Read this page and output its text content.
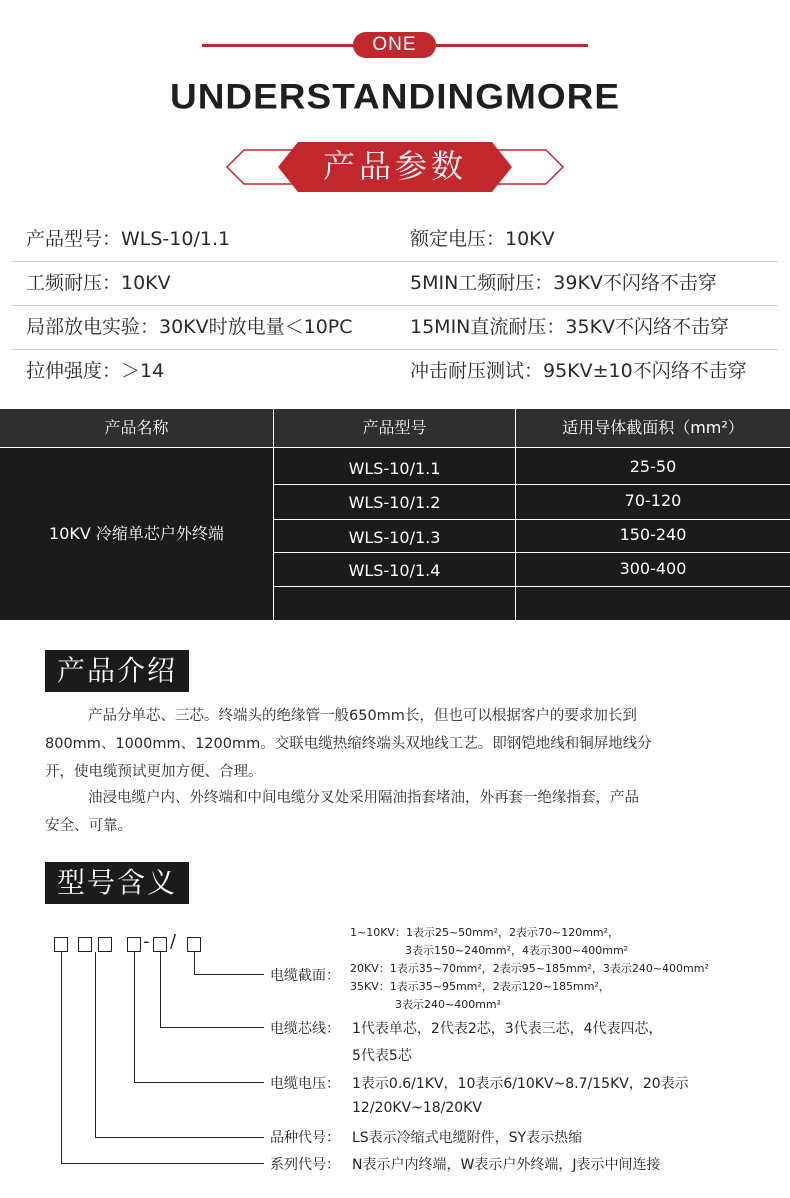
ONE
UNDERSTANDINGMORE
产品参数
产品型号：WLS-10/1.1	额定电压：10KV
工频耐压：10KV	5MIN工频耐压：39KV不闪络不击穿
局部放电实验：30KV时放电量＜10PC	15MIN直流耐压：35KV不闪络不击穿
拉伸强度：＞14	冲击耐压测试：95KV±10不闪络不击穿
产品名称	产品型号	适用导体截面积（mm²）
10KV 冷缩单芯户外终端
WLS-10/1.1	25-50
WLS-10/1.2	70-120
WLS-10/1.3	150-240
WLS-10/1.4	300-400
产品介绍
产品分单芯、三芯。终端头的绝缘管一般650mm长，但也可以根据客户的要求加长到
800mm、1000mm、1200mm。交联电缆热缩终端头双地线工艺。即钢铠地线和铜屏地线分
开，使电缆预试更加方便、合理。
油浸电缆户内、外终端和中间电缆分叉处采用隔油指套堵油，外再套一绝缘指套，产品
安全、可靠。
型号含义
- /
电缆截面：
1~10KV：1表示25~50mm²，2表示70~120mm²，
3表示150~240mm²，4表示300~400mm²
20KV：1表示35~70mm²，2表示95~185mm²，3表示240~400mm²
35KV：1表示35~95mm²，2表示120~185mm²，
3表示240~400mm²
电缆芯线： 1代表单芯，2代表2芯，3代表三芯，4代表四芯，
5代表5芯
电缆电压： 1表示0.6/1KV，10表示6/10KV~8.7/15KV，20表示
12/20KV~18/20KV
品种代号： LS表示冷缩式电缆附件，SY表示热缩
系列代号： N表示户内终端，W表示户外终端，J表示中间连接
